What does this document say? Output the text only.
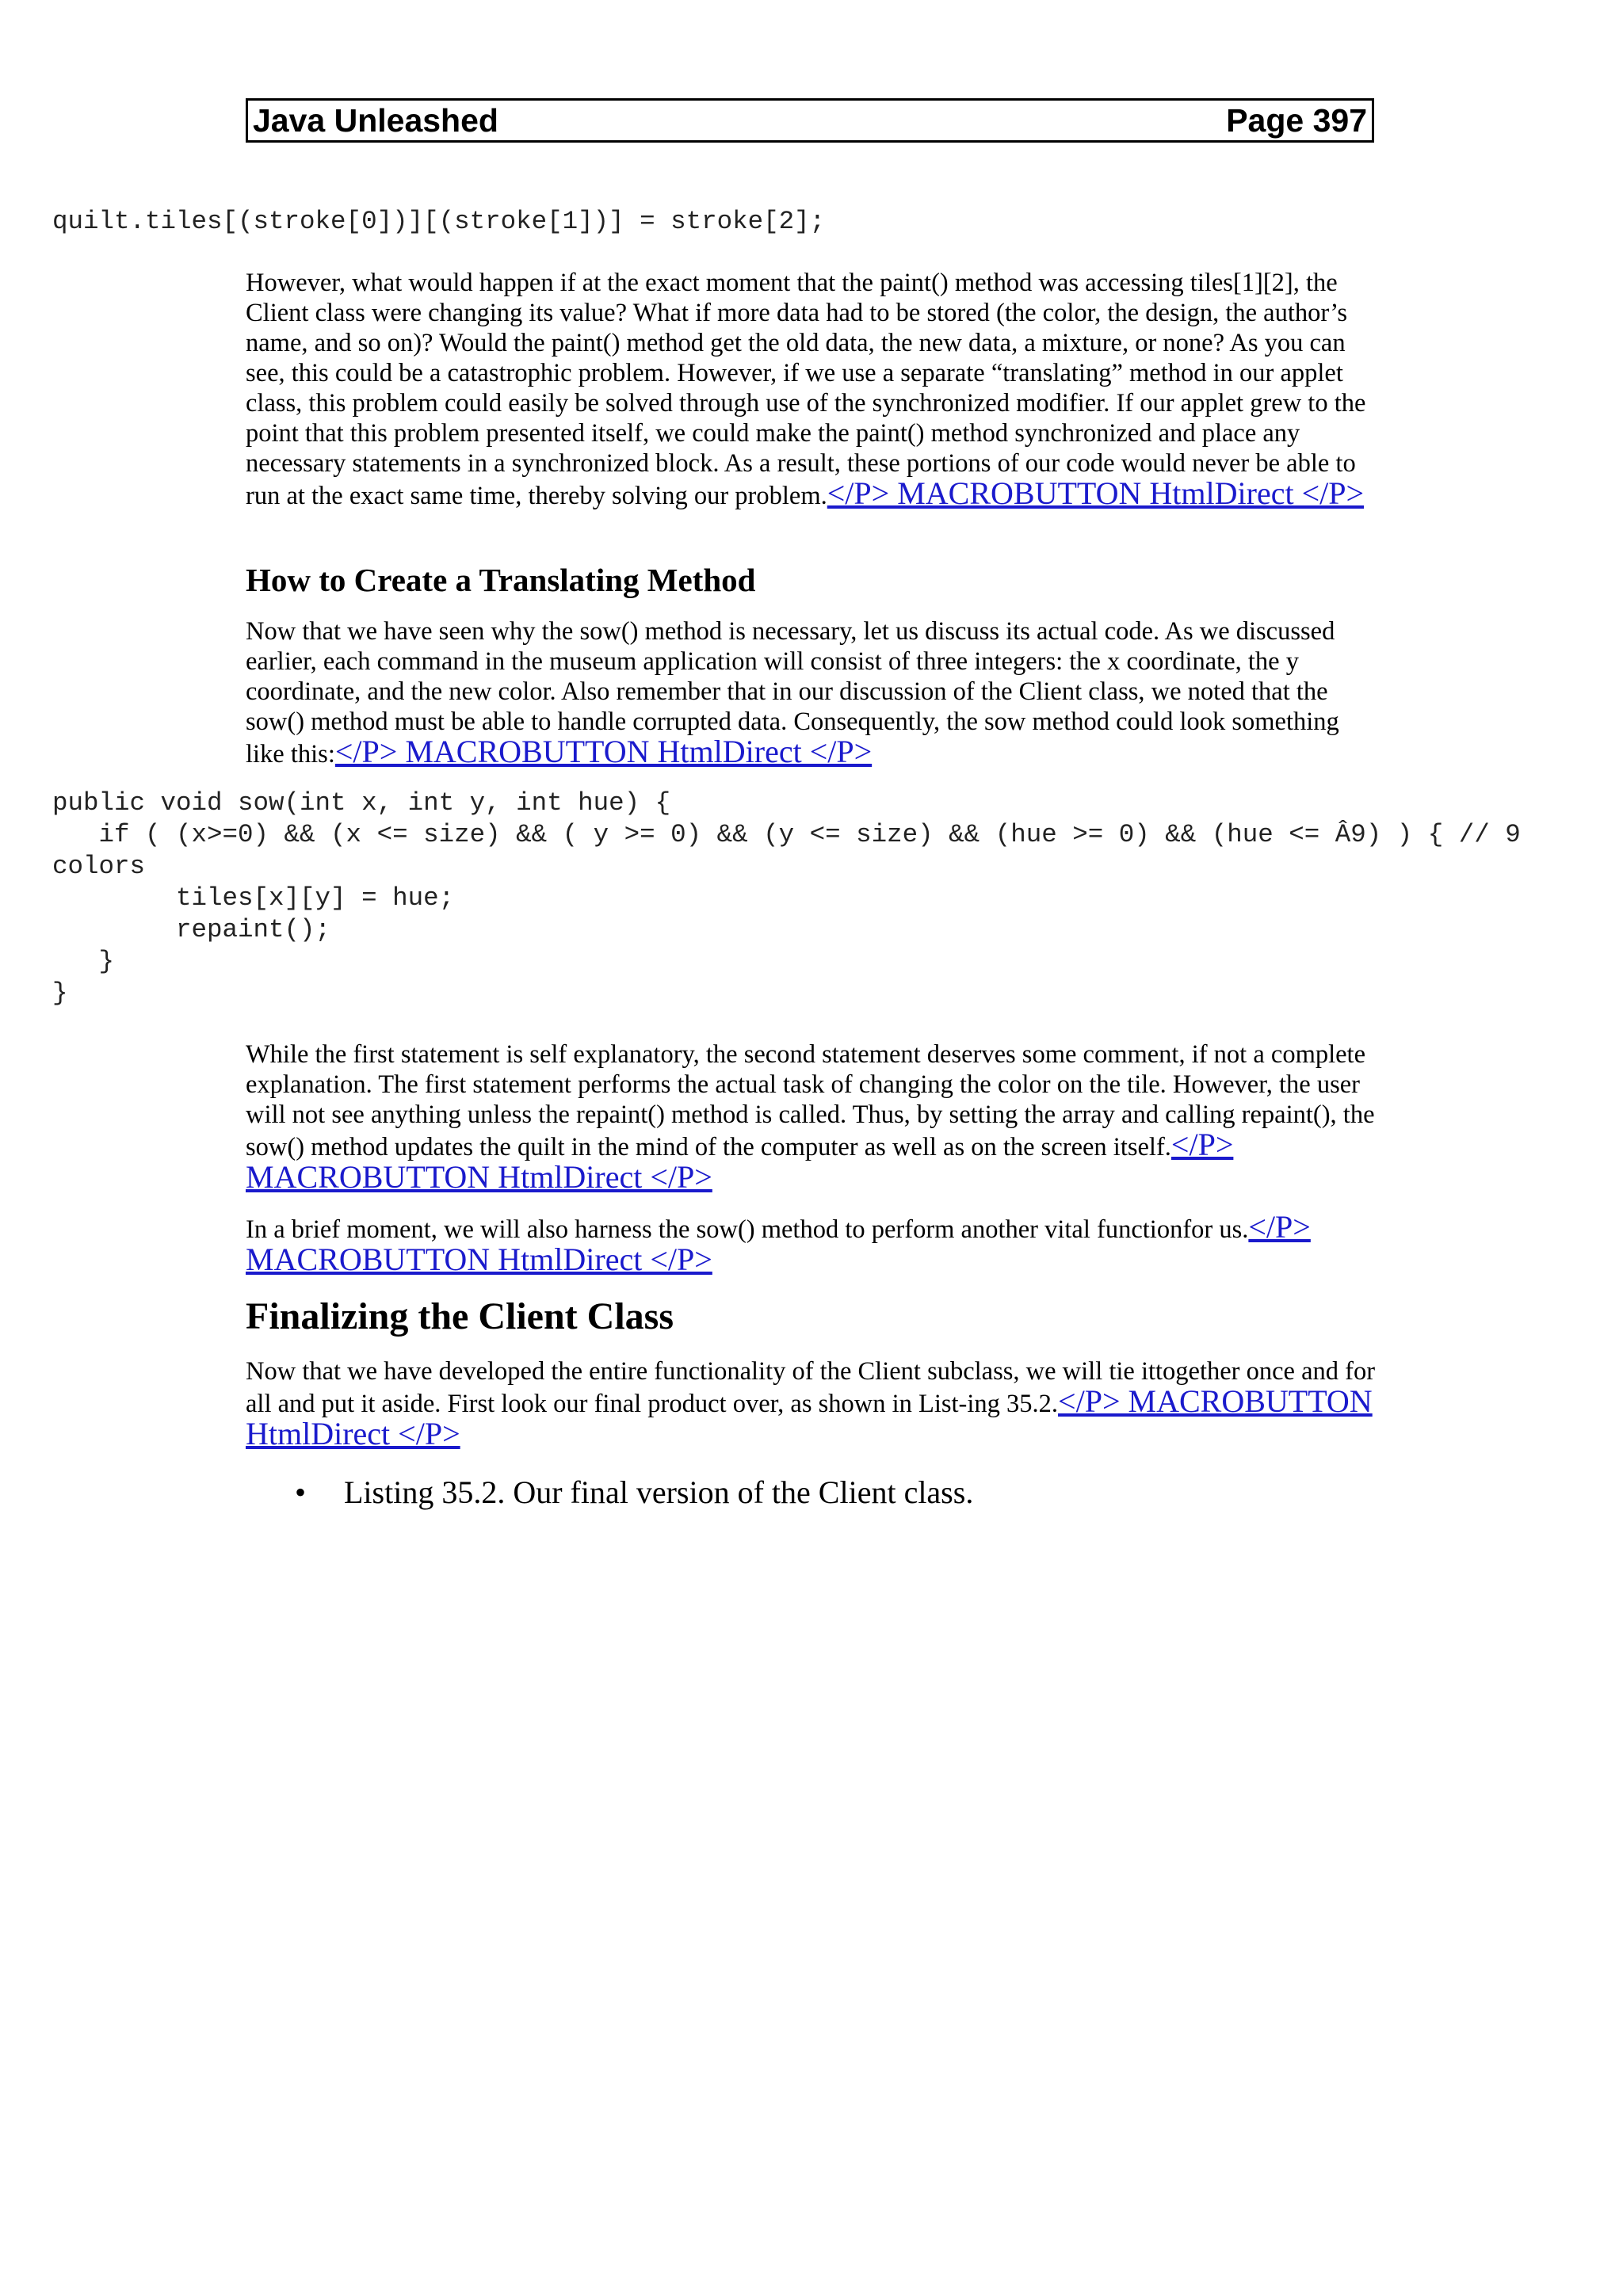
Java Unleashed	Page 397
quilt.tiles[(stroke[0])][(stroke[1])] = stroke[2];

However, what would happen if at the exact moment that the paint() method was accessing tiles[1][2], the Client class were changing its value? What if more data had to be stored (the color, the design, the author’s name, and so on)? Would the paint() method get the old data, the new data, a mixture, or none? As you can see, this could be a catastrophic problem. However, if we use a separate “translating” method in our applet class, this problem could easily be solved through use of the synchronized modifier. If our applet grew to the point that this problem presented itself, we could make the paint() method synchronized and place any necessary statements in a synchronized block. As a result, these portions of our code would never be able to run at the exact same time, thereby solving our problem.</P> MACROBUTTON HtmlDirect </P>

How to Create a Translating Method

Now that we have seen why the sow() method is necessary, let us discuss its actual code. As we discussed earlier, each command in the museum application will consist of three integers: the x coordinate, the y coordinate, and the new color. Also remember that in our discussion of the Client class, we noted that the sow() method must be able to handle corrupted data. Consequently, the sow method could look something like this:</P> MACROBUTTON HtmlDirect </P>

public void sow(int x, int y, int hue) {
if ( (x>=0) && (x <= size) && ( y >= 0) && (y <= size) && (hue >= 0) && (hue <= Â9) ) { // 9
colors
tiles[x][y] = hue;
repaint();
}
}

While the first statement is self explanatory, the second statement deserves some comment, if not a complete explanation. The first statement performs the actual task of changing the color on the tile. However, the user will not see anything unless the repaint() method is called. Thus, by setting the array and calling repaint(), the sow() method updates the quilt in the mind of the computer as well as on the screen itself.</P> MACROBUTTON HtmlDirect </P>

In a brief moment, we will also harness the sow() method to perform another vital functionfor us.</P> MACROBUTTON HtmlDirect </P>

Finalizing the Client Class

Now that we have developed the entire functionality of the Client subclass, we will tie ittogether once and for all and put it aside. First look our final product over, as shown in List-ing 35.2.</P> MACROBUTTON HtmlDirect </P>

•	Listing 35.2. Our final version of the Client class.
